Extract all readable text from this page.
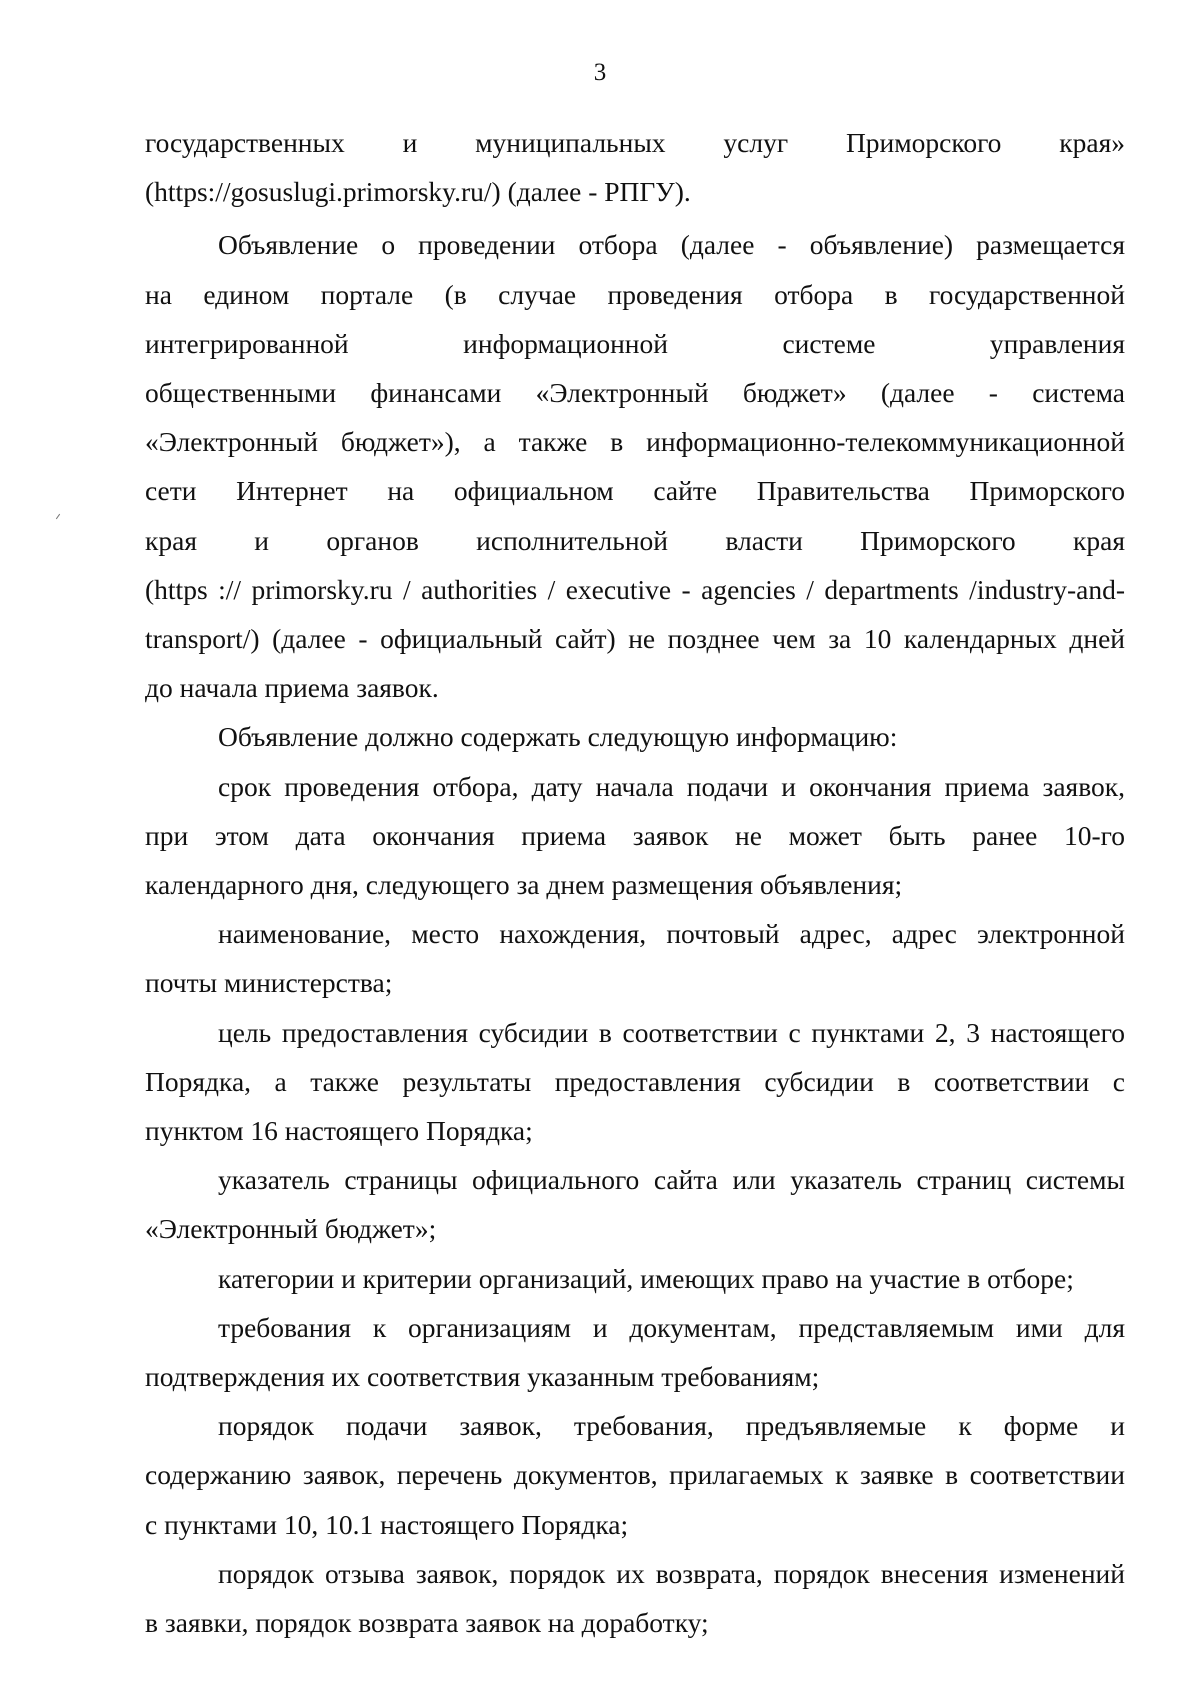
3

государственных и муниципальных услуг Приморского края»
(https://gosuslugi.primorsky.ru/) (далее - РПГУ).

Объявление о проведении отбора (далее - объявление) размещается
на едином портале (в случае проведения отбора в государственной
интегрированной информационной системе управления
общественными финансами «Электронный бюджет» (далее - система
«Электронный бюджет»), а также в информационно-телекоммуникационной
сети Интернет на официальном сайте Правительства Приморского
края и органов исполнительной власти Приморского края
(https :// primorsky.ru / authorities / executive - agencies / departments /industry-and-
transport/) (далее - официальный сайт) не позднее чем за 10 календарных дней
до начала приема заявок.

Объявление должно содержать следующую информацию:

срок проведения отбора, дату начала подачи и окончания приема заявок,
при этом дата окончания приема заявок не может быть ранее 10-го
календарного дня, следующего за днем размещения объявления;

наименование, место нахождения, почтовый адрес, адрес электронной
почты министерства;

цель предоставления субсидии в соответствии с пунктами 2, 3 настоящего
Порядка, а также результаты предоставления субсидии в соответствии с
пунктом 16 настоящего Порядка;

указатель страницы официального сайта или указатель страниц системы
«Электронный бюджет»;

категории и критерии организаций, имеющих право на участие в отборе;

требования к организациям и документам, представляемым ими для
подтверждения их соответствия указанным требованиям;

порядок подачи заявок, требования, предъявляемые к форме и
содержанию заявок, перечень документов, прилагаемых к заявке в соответствии
с пунктами 10, 10.1 настоящего Порядка;

порядок отзыва заявок, порядок их возврата, порядок внесения изменений
в заявки, порядок возврата заявок на доработку;
